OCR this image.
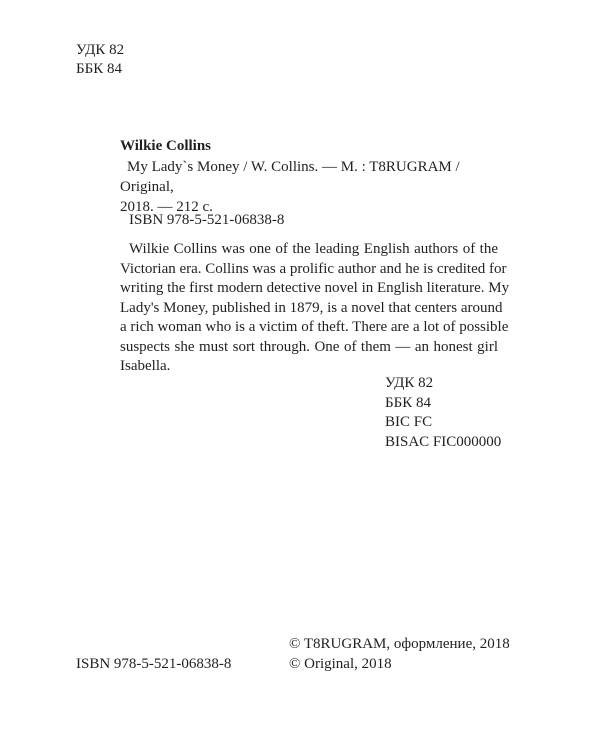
УДК 82
ББК 84
Wilkie Collins
My Lady`s Money / W. Collins. — M. : T8RUGRAM / Original,
2018. — 212 c.
ISBN 978-5-521-06838-8
Wilkie Collins was one of the leading English authors of the
Victorian era. Collins was a prolific author and he is credited for
writing the first modern detective novel in English literature. My
Lady's Money, published in 1879, is a novel that centers around
a rich woman who is a victim of theft. There are a lot of possible
suspects she must sort through. One of them — an honest girl
Isabella.
УДК 82
ББК 84
BIC FC
BISAC FIC000000
© T8RUGRAM, оформление, 2018
© Original, 2018
ISBN 978-5-521-06838-8
